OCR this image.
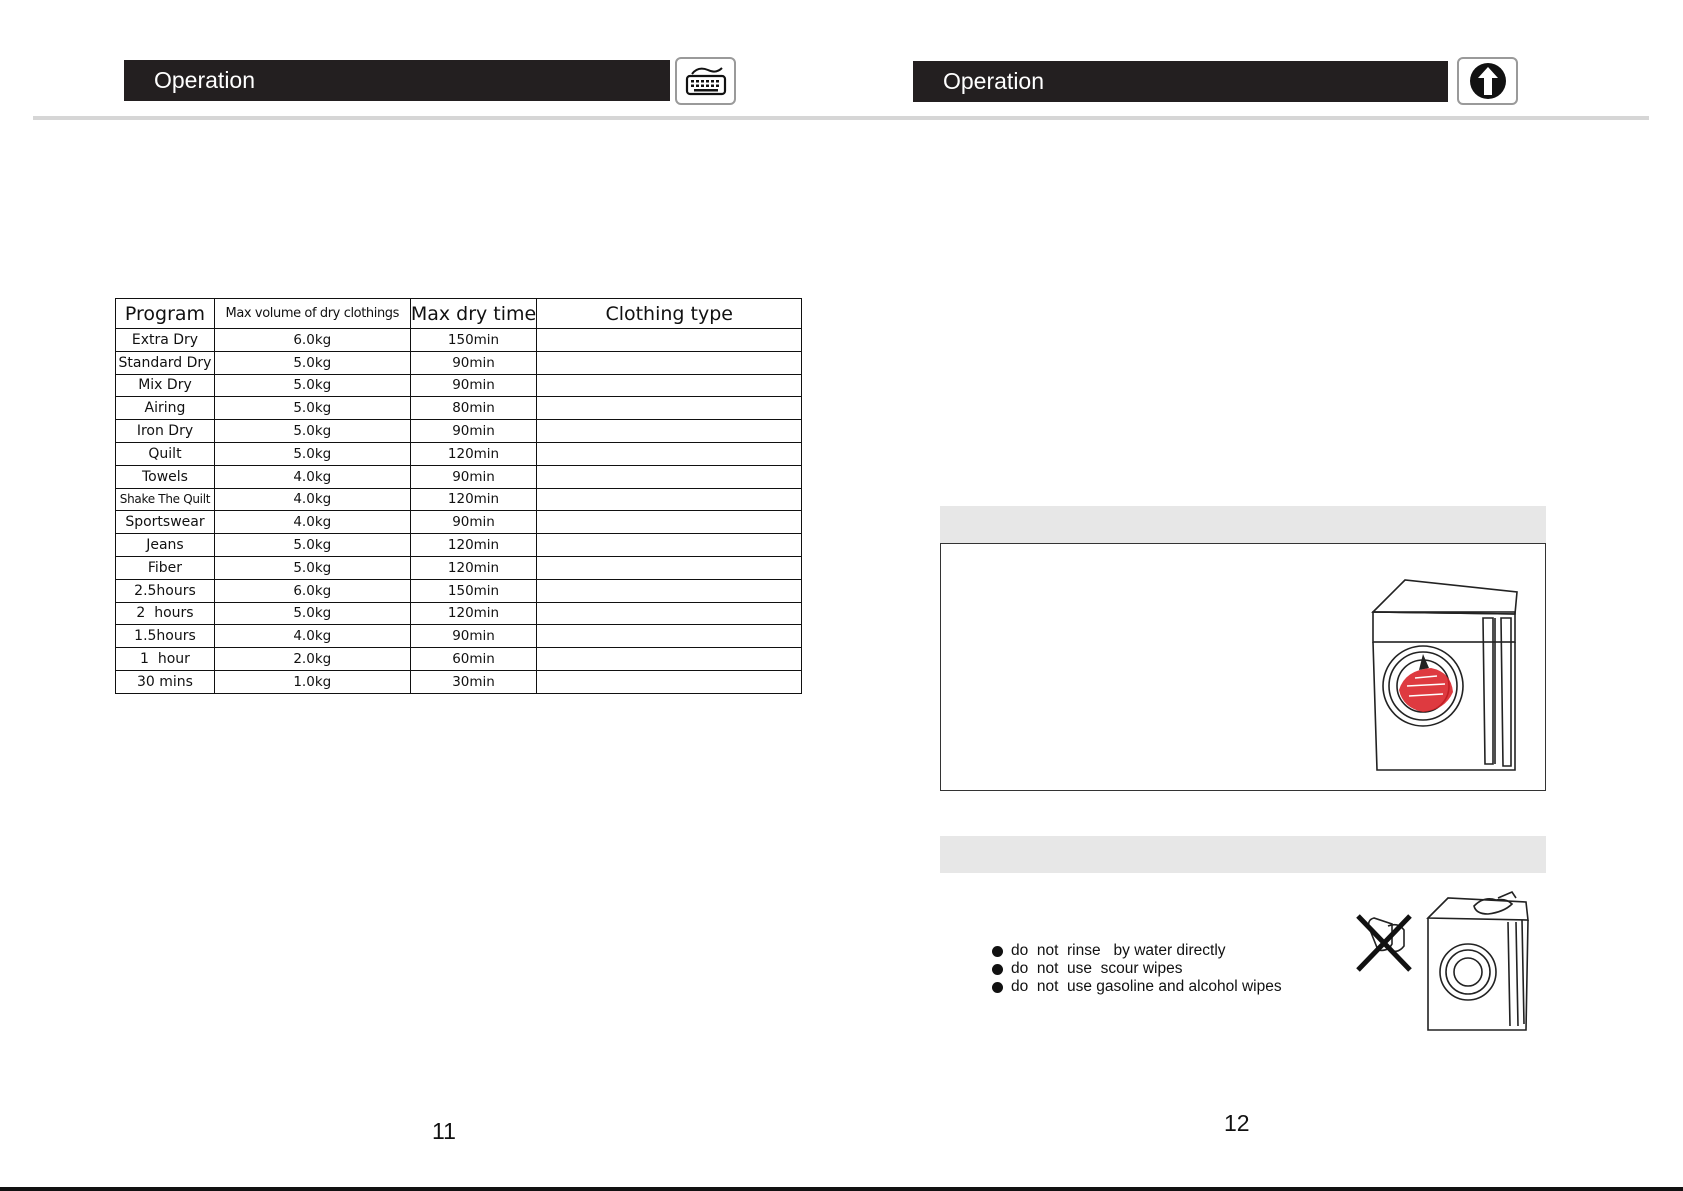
Operation
Program	Max volume of dry clothings	Max dry time	Clothing type
Extra Dry	6.0kg	150min	
Standard Dry	5.0kg	90min	
Mix Dry	5.0kg	90min	
Airing	5.0kg	80min	
Iron Dry	5.0kg	90min	
Quilt	5.0kg	120min	
Towels	4.0kg	90min	
Shake The Quilt	4.0kg	120min	
Sportswear	4.0kg	90min	
Jeans	5.0kg	120min	
Fiber	5.0kg	120min	
2.5hours	6.0kg	150min	
2  hours	5.0kg	120min	
1.5hours	4.0kg	90min	
1  hour	2.0kg	60min	
30 mins	1.0kg	30min	
11
Operation
do  not  rinse   by water directly
do  not  use  scour wipes
do  not  use gasoline and alcohol wipes
12
